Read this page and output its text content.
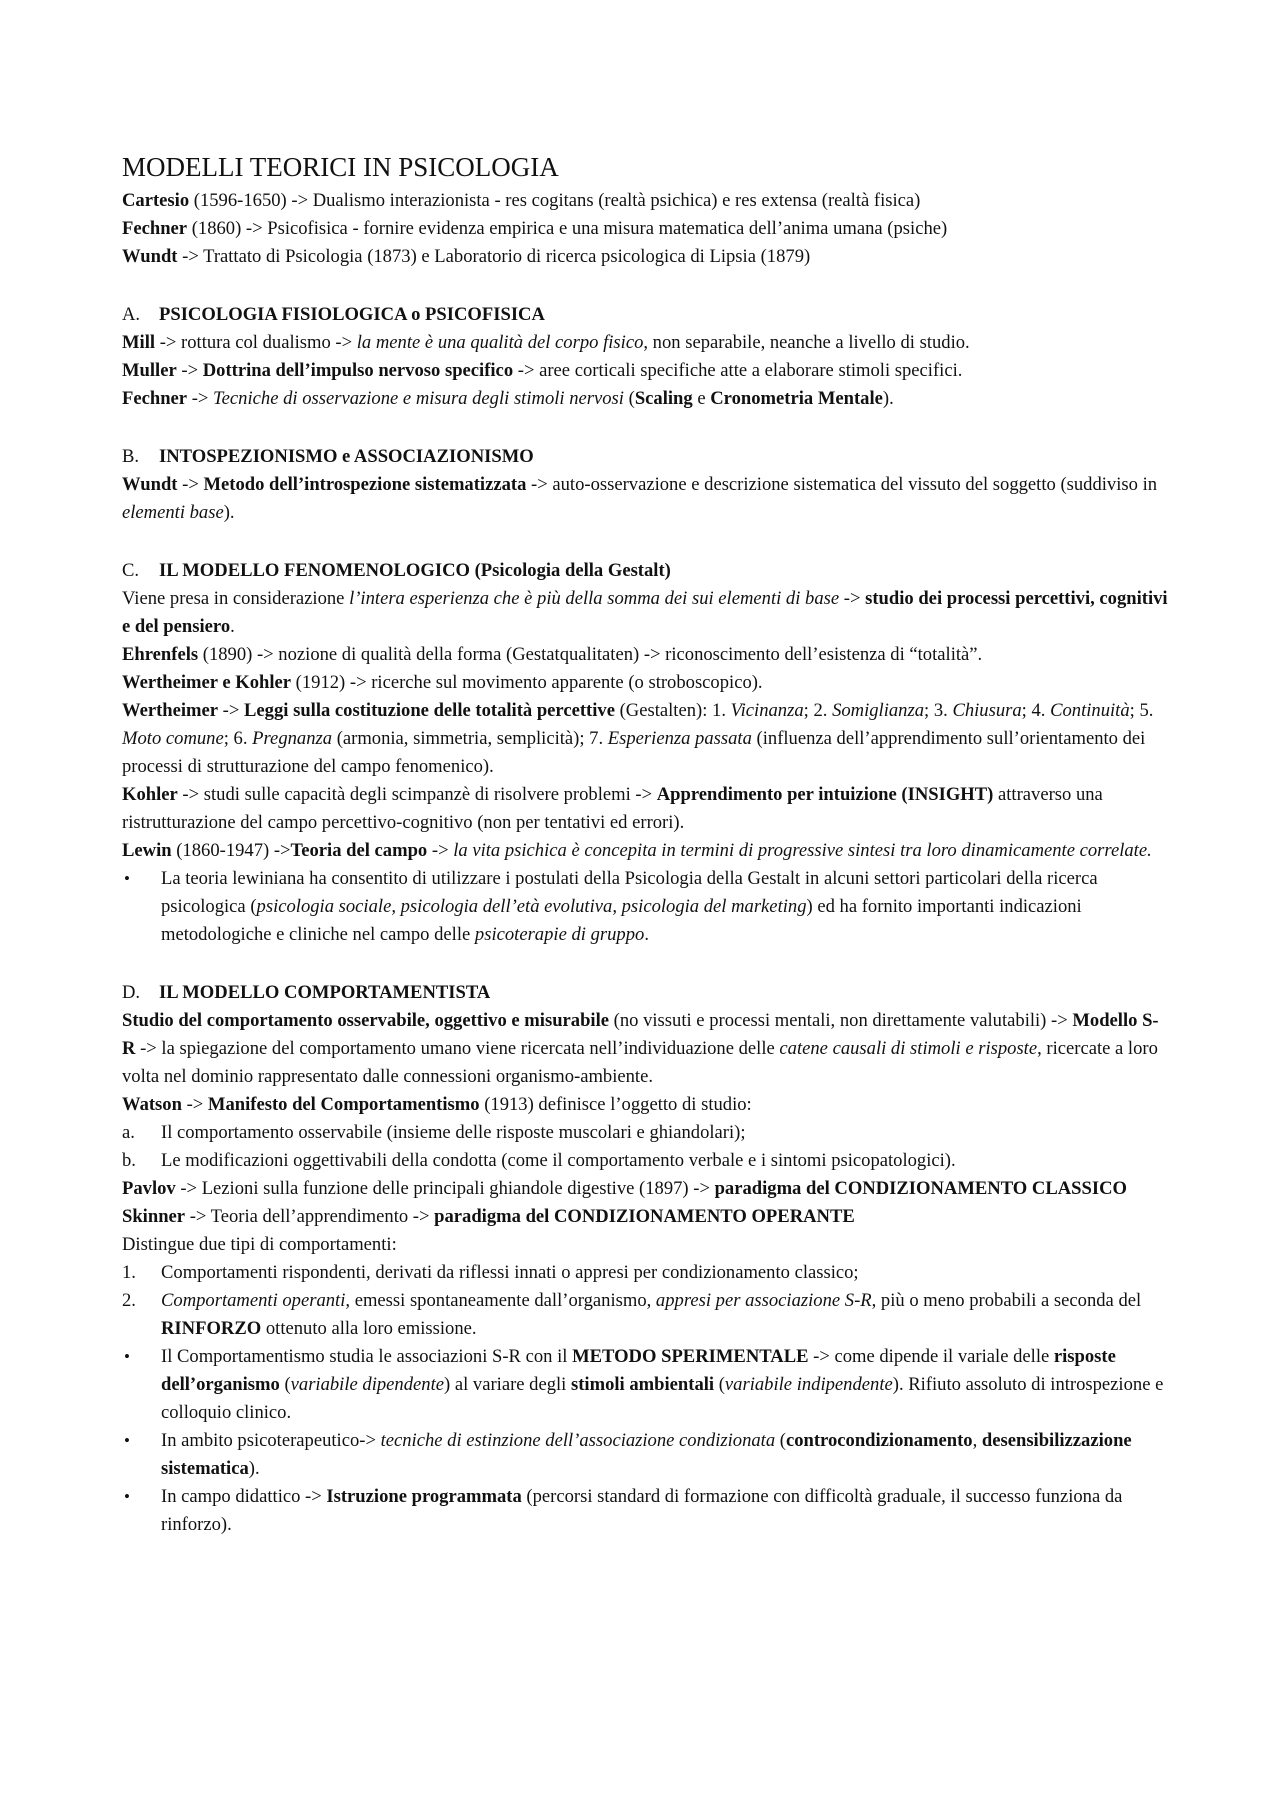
MODELLI TEORICI IN PSICOLOGIA

Cartesio (1596-1650) -> Dualismo interazionista - res cogitans (realtà psichica) e res extensa (realtà fisica)

Fechner (1860) -> Psicofisica - fornire evidenza empirica e una misura matematica dell’anima umana (psiche)

Wundt -> Trattato di Psicologia (1873) e Laboratorio di ricerca psicologica di Lipsia (1879)

A. PSICOLOGIA FISIOLOGICA o PSICOFISICA

Mill -> rottura col dualismo -> la mente è una qualità del corpo fisico, non separabile, neanche a livello di studio.

Muller -> Dottrina dell’impulso nervoso specifico -> aree corticali specifiche atte a elaborare stimoli specifici.

Fechner -> Tecniche di osservazione e misura degli stimoli nervosi (Scaling e Cronometria Mentale).

B. INTOSPEZIONISMO e ASSOCIAZIONISMO

Wundt -> Metodo dell’introspezione sistematizzata -> auto-osservazione e descrizione sistematica del vissuto del soggetto (suddiviso in elementi base).

C. IL MODELLO FENOMENOLOGICO (Psicologia della Gestalt)

Viene presa in considerazione l’intera esperienza che è più della somma dei sui elementi di base -> studio dei processi percettivi, cognitivi e del pensiero.

Ehrenfels (1890) -> nozione di qualità della forma (Gestatqualitaten) -> riconoscimento dell’esistenza di “totalità”.

Wertheimer e Kohler (1912) -> ricerche sul movimento apparente (o stroboscopico).

Wertheimer -> Leggi sulla costituzione delle totalità percettive (Gestalten): 1. Vicinanza; 2. Somiglianza; 3. Chiusura; 4. Continuità; 5. Moto comune; 6. Pregnanza (armonia, simmetria, semplicità); 7. Esperienza passata (influenza dell’apprendimento sull’orientamento dei processi di strutturazione del campo fenomenico).

Kohler -> studi sulle capacità degli scimpanzè di risolvere problemi -> Apprendimento per intuizione (INSIGHT) attraverso una ristrutturazione del campo percettivo-cognitivo (non per tentativi ed errori).

Lewin (1860-1947) ->Teoria del campo -> la vita psichica è concepita in termini di progressive sintesi tra loro dinamicamente correlate.

• La teoria lewiniana ha consentito di utilizzare i postulati della Psicologia della Gestalt in alcuni settori particolari della ricerca psicologica (psicologia sociale, psicologia dell’età evolutiva, psicologia del marketing) ed ha fornito importanti indicazioni metodologiche e cliniche nel campo delle psicoterapie di gruppo.

D. IL MODELLO COMPORTAMENTISTA

Studio del comportamento osservabile, oggettivo e misurabile (no vissuti e processi mentali, non direttamente valutabili) -> Modello S-R -> la spiegazione del comportamento umano viene ricercata nell’individuazione delle catene causali di stimoli e risposte, ricercate a loro volta nel dominio rappresentato dalle connessioni organismo-ambiente.

Watson -> Manifesto del Comportamentismo (1913) definisce l’oggetto di studio:

a. Il comportamento osservabile (insieme delle risposte muscolari e ghiandolari);

b. Le modificazioni oggettivabili della condotta (come il comportamento verbale e i sintomi psicopatologici).

Pavlov -> Lezioni sulla funzione delle principali ghiandole digestive (1897) -> paradigma del CONDIZIONAMENTO CLASSICO

Skinner -> Teoria dell’apprendimento -> paradigma del CONDIZIONAMENTO OPERANTE

Distingue due tipi di comportamenti:

1. Comportamenti rispondenti, derivati da riflessi innati o appresi per condizionamento classico;

2. Comportamenti operanti, emessi spontaneamente dall’organismo, appresi per associazione S-R, più o meno probabili a seconda del RINFORZO ottenuto alla loro emissione.

• Il Comportamentismo studia le associazioni S-R con il METODO SPERIMENTALE -> come dipende il variale delle risposte dell’organismo (variabile dipendente) al variare degli stimoli ambientali (variabile indipendente). Rifiuto assoluto di introspezione e colloquio clinico.

• In ambito psicoterapeutico-> tecniche di estinzione dell’associazione condizionata (controcondizionamento, desensibilizzazione sistematica).

• In campo didattico -> Istruzione programmata (percorsi standard di formazione con difficoltà graduale, il successo funziona da rinforzo).
